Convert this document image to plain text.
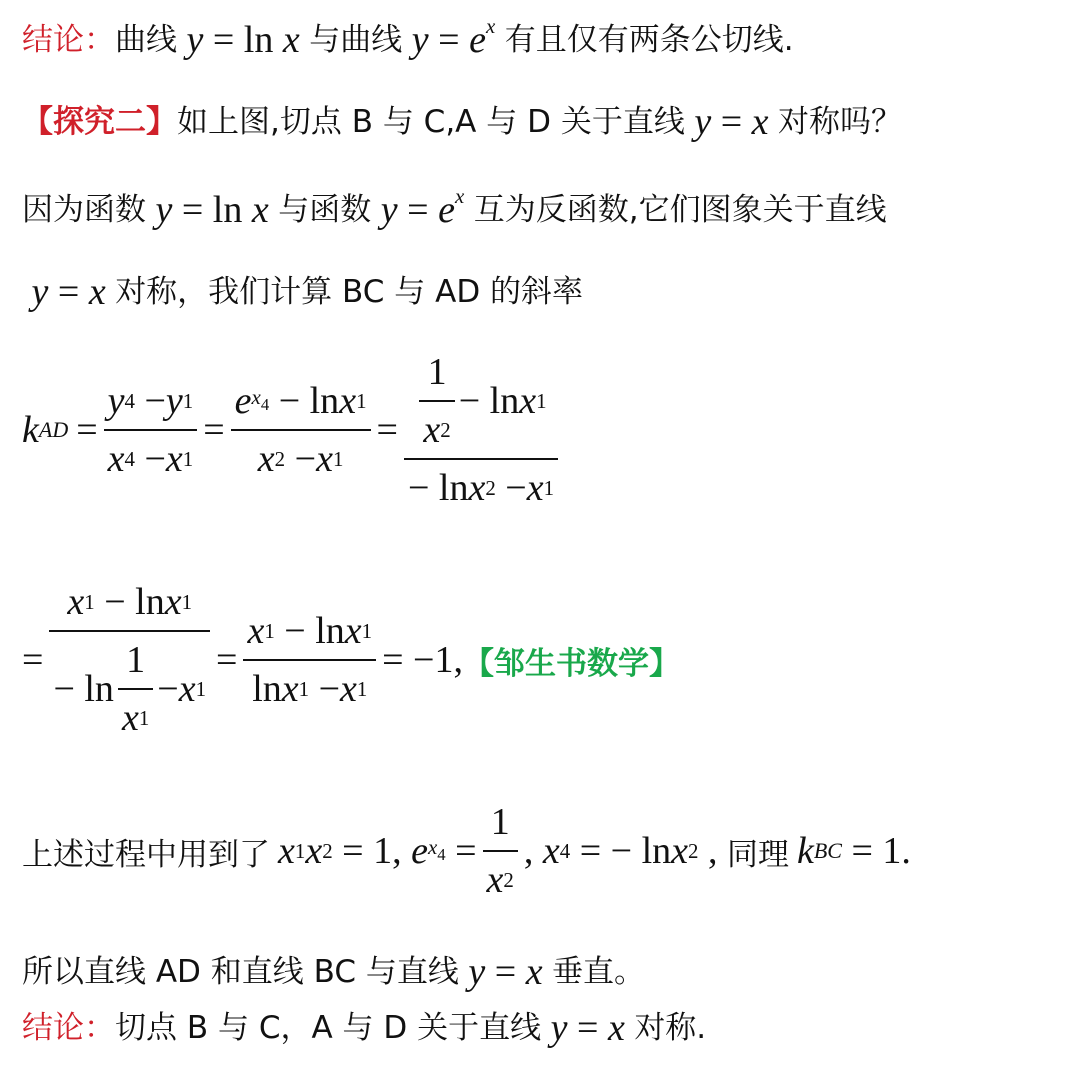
结论： 曲线 y = ln x 与曲线 $y = e^x$ 有且仅有两条公切线.
【探究二】 如上图,切点 B 与 C,A 与 D 关于直线 y = x 对称吗？
因为函数 y = ln x 与函数 $y = e^x$ 互为反函数,它们图象关于直线
y = x 对称，我们计算 BC 与 AD 的斜率
k AD = $\frac{y 4 - y 1}{x 4 - x 1} = \frac{e x_4 - \ln x 1}{x 2 - x 1} = \frac{\frac{1}{x 2} - \ln x 1}{\text{− ln x 2 − x 1}}$
= $\frac{\text{x 1 − ln x 1}}{- \ln \frac{1}{x 1} - x 1} = \frac{\text{x 1 − ln x 1}}{\text{ln x 1 − x 1}} = -1$, 【邹生书数学】
上述过程中用到了 x 1 x 2 = 1, e $x_4 = \frac{1}{x 2}$ , x 4 = − ln x 2 , 同理 k BC = 1.
所以直线 AD 和直线 BC 与直线 y = x 垂直。
结论： 切点 B 与 C，A 与 D 关于直线 y = x 对称.
